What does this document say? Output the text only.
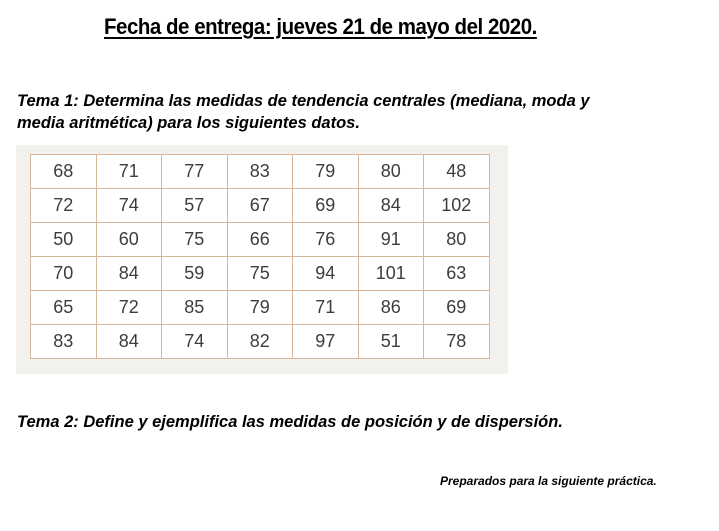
Fecha de entrega: jueves 21 de mayo del 2020.
Tema 1: Determina las medidas de tendencia centrales (mediana, moda y
media aritmética) para los siguientes datos.
68	71	77	83	79	80	48
72	74	57	67	69	84	102
50	60	75	66	76	91	80
70	84	59	75	94	101	63
65	72	85	79	71	86	69
83	84	74	82	97	51	78
Tema 2: Define y ejemplifica las medidas de posición y de dispersión.
Preparados para la siguiente práctica.
